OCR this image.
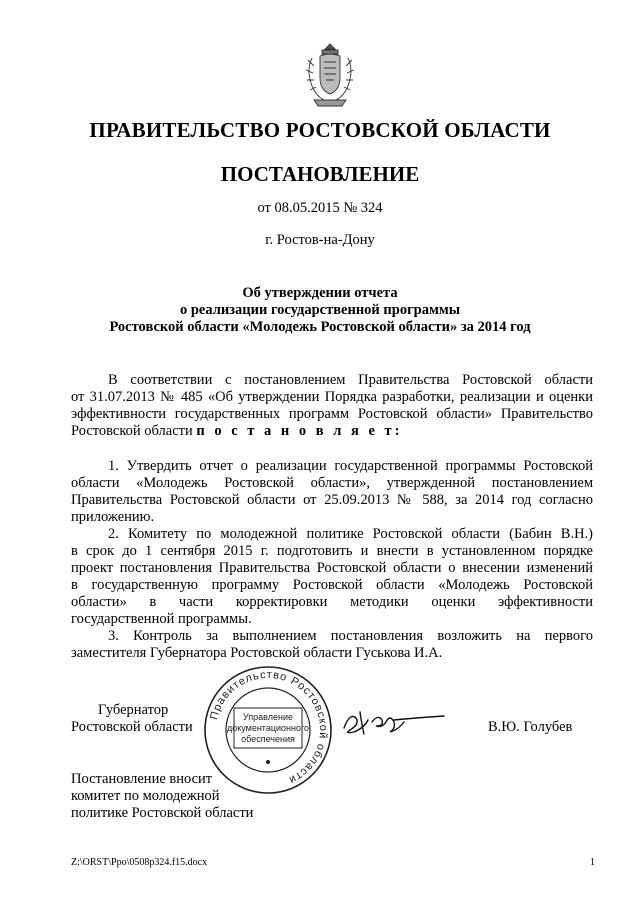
ПРАВИТЕЛЬСТВО РОСТОВСКОЙ ОБЛАСТИ
ПОСТАНОВЛЕНИЕ
от 08.05.2015 № 324
г. Ростов-на-Дону
Об утверждении отчета
о реализации государственной программы
Ростовской области «Молодежь Ростовской области» за 2014 год
В соответствии с постановлением Правительства Ростовской области
от 31.07.2013 № 485 «Об утверждении Порядка разработки, реализации и оценки
эффективности государственных программ Ростовской области» Правительство
Ростовской области п о с т а н о в л я е т:
1. Утвердить отчет о реализации государственной программы Ростовской
области «Молодежь Ростовской области», утвержденной постановлением
Правительства Ростовской области от 25.09.2013 № 588, за 2014 год согласно
приложению.
2. Комитету по молодежной политике Ростовской области (Бабин В.Н.)
в срок до 1 сентября 2015 г. подготовить и внести в установленном порядке
проект постановления Правительства Ростовской области о внесении изменений
в государственную программу Ростовской области «Молодежь Ростовской
области» в части корректировки методики оценки эффективности
государственной программы.
3. Контроль за выполнением постановления возложить на первого
заместителя Губернатора Ростовской области Гуськова И.А.
Губернатор
Ростовской области
Правительство Ростовской области
Управление
документационного
обеспечения
В.Ю. Голубев
Постановление вносит
комитет по молодежной
политике Ростовской области
Z:\ORST\Ppo\0508p324.f15.docx	1
